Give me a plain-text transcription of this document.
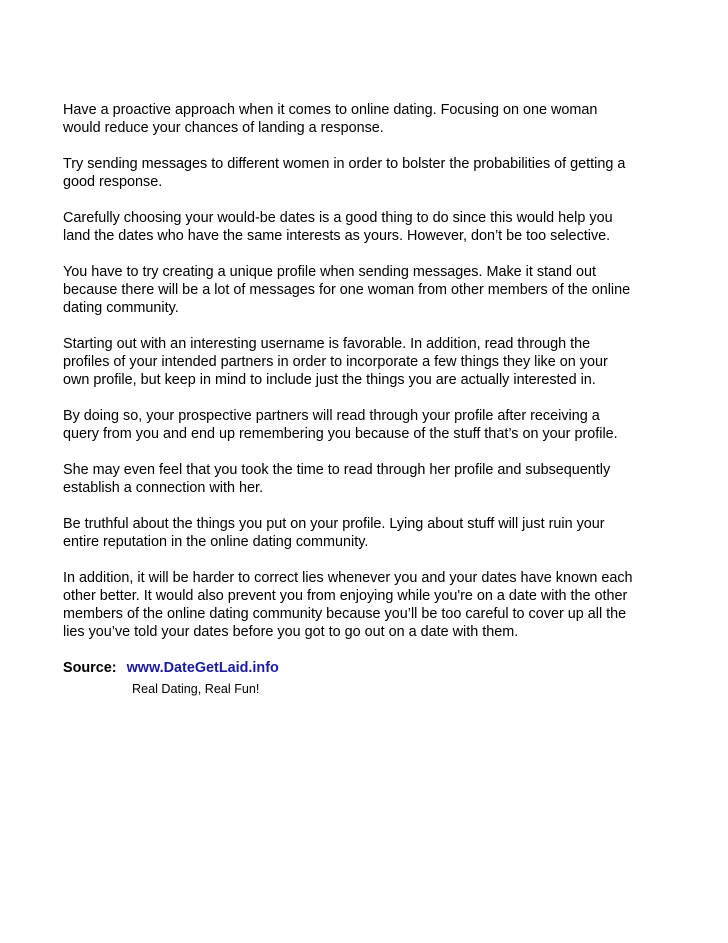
Have a proactive approach when it comes to online dating. Focusing on one woman would reduce your chances of landing a response.

Try sending messages to different women in order to bolster the probabilities of getting a good response.

Carefully choosing your would-be dates is a good thing to do since this would help you land the dates who have the same interests as yours. However, don’t be too selective.

You have to try creating a unique profile when sending messages. Make it stand out because there will be a lot of messages for one woman from other members of the online dating community.

Starting out with an interesting username is favorable. In addition, read through the profiles of your intended partners in order to incorporate a few things they like on your own profile, but keep in mind to include just the things you are actually interested in.

By doing so, your prospective partners will read through your profile after receiving a query from you and end up remembering you because of the stuff that’s on your profile.

She may even feel that you took the time to read through her profile and subsequently establish a connection with her.

Be truthful about the things you put on your profile. Lying about stuff will just ruin your entire reputation in the online dating community.

In addition, it will be harder to correct lies whenever you and your dates have known each other better. It would also prevent you from enjoying while you're on a date with the other members of the online dating community because you’ll be too careful to cover up all the lies you’ve told your dates before you got to go out on a date with them.

Source: www.DateGetLaid.info
Real Dating, Real Fun!
